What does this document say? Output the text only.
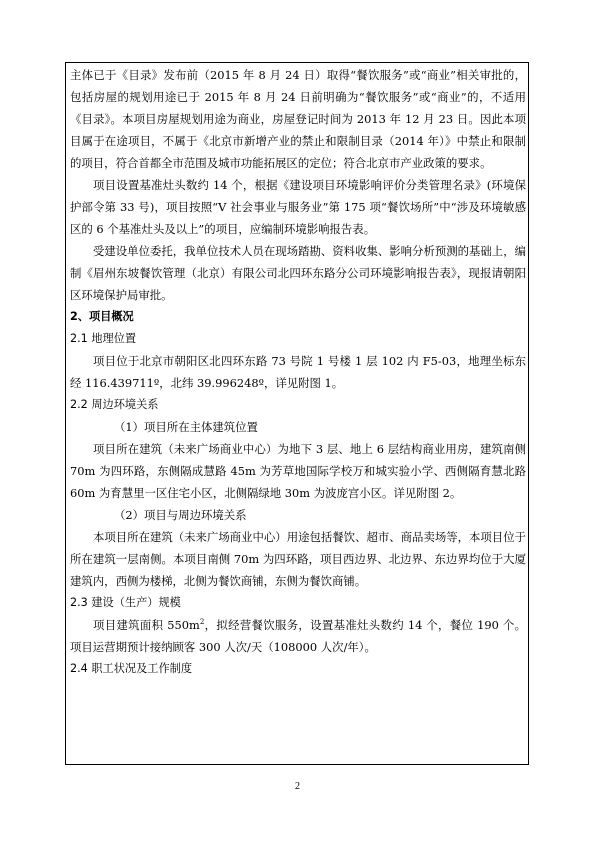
主体已于《目录》发布前（2015 年 8 月 24 日）取得“餐饮服务”或“商业”相关审批的，包括房屋的规划用途已于 2015 年 8 月 24 日前明确为“餐饮服务”或“商业”的，不适用《目录》。本项目房屋规划用途为商业，房屋登记时间为 2013 年 12 月 23 日。因此本项目属于在途项目，不属于《北京市新增产业的禁止和限制目录（2014 年）》中禁止和限制的项目，符合首都全市范围及城市功能拓展区的定位；符合北京市产业政策的要求。

项目设置基准灶头数约 14 个，根据《建设项目环境影响评价分类管理名录》(环境保护部令第 33 号)，项目按照“V 社会事业与服务业”第 175 项“餐饮场所”中“涉及环境敏感区的 6 个基准灶头及以上”的项目，应编制环境影响报告表。

受建设单位委托，我单位技术人员在现场踏勘、资料收集、影响分析预测的基础上，编制《眉州东坡餐饮管理（北京）有限公司北四环东路分公司环境影响报告表》，现报请朝阳区环境保护局审批。

2、项目概况

2.1 地理位置

项目位于北京市朝阳区北四环东路 73 号院 1 号楼 1 层 102 内 F5-03，地理坐标东经 116.439711º，北纬 39.996248º，详见附图 1。

2.2 周边环境关系

（1）项目所在主体建筑位置

项目所在建筑（未来广场商业中心）为地下 3 层、地上 6 层结构商业用房，建筑南侧 70m 为四环路，东侧隔成慧路 45m 为芳草地国际学校万和城实验小学、西侧隔育慧北路 60m 为育慧里一区住宅小区，北侧隔绿地 30m 为波庞宫小区。详见附图 2。

（2）项目与周边环境关系

本项目所在建筑（未来广场商业中心）用途包括餐饮、超市、商品卖场等，本项目位于所在建筑一层南侧。本项目南侧 70m 为四环路，项目西边界、北边界、东边界均位于大厦建筑内，西侧为楼梯，北侧为餐饮商铺，东侧为餐饮商铺。

2.3 建设（生产）规模

项目建筑面积 $550m^2$，拟经营餐饮服务，设置基准灶头数约 14 个，餐位 190 个。项目运营期预计接纳顾客 300 人次/天（108000 人次/年）。

2.4 职工状况及工作制度

2
